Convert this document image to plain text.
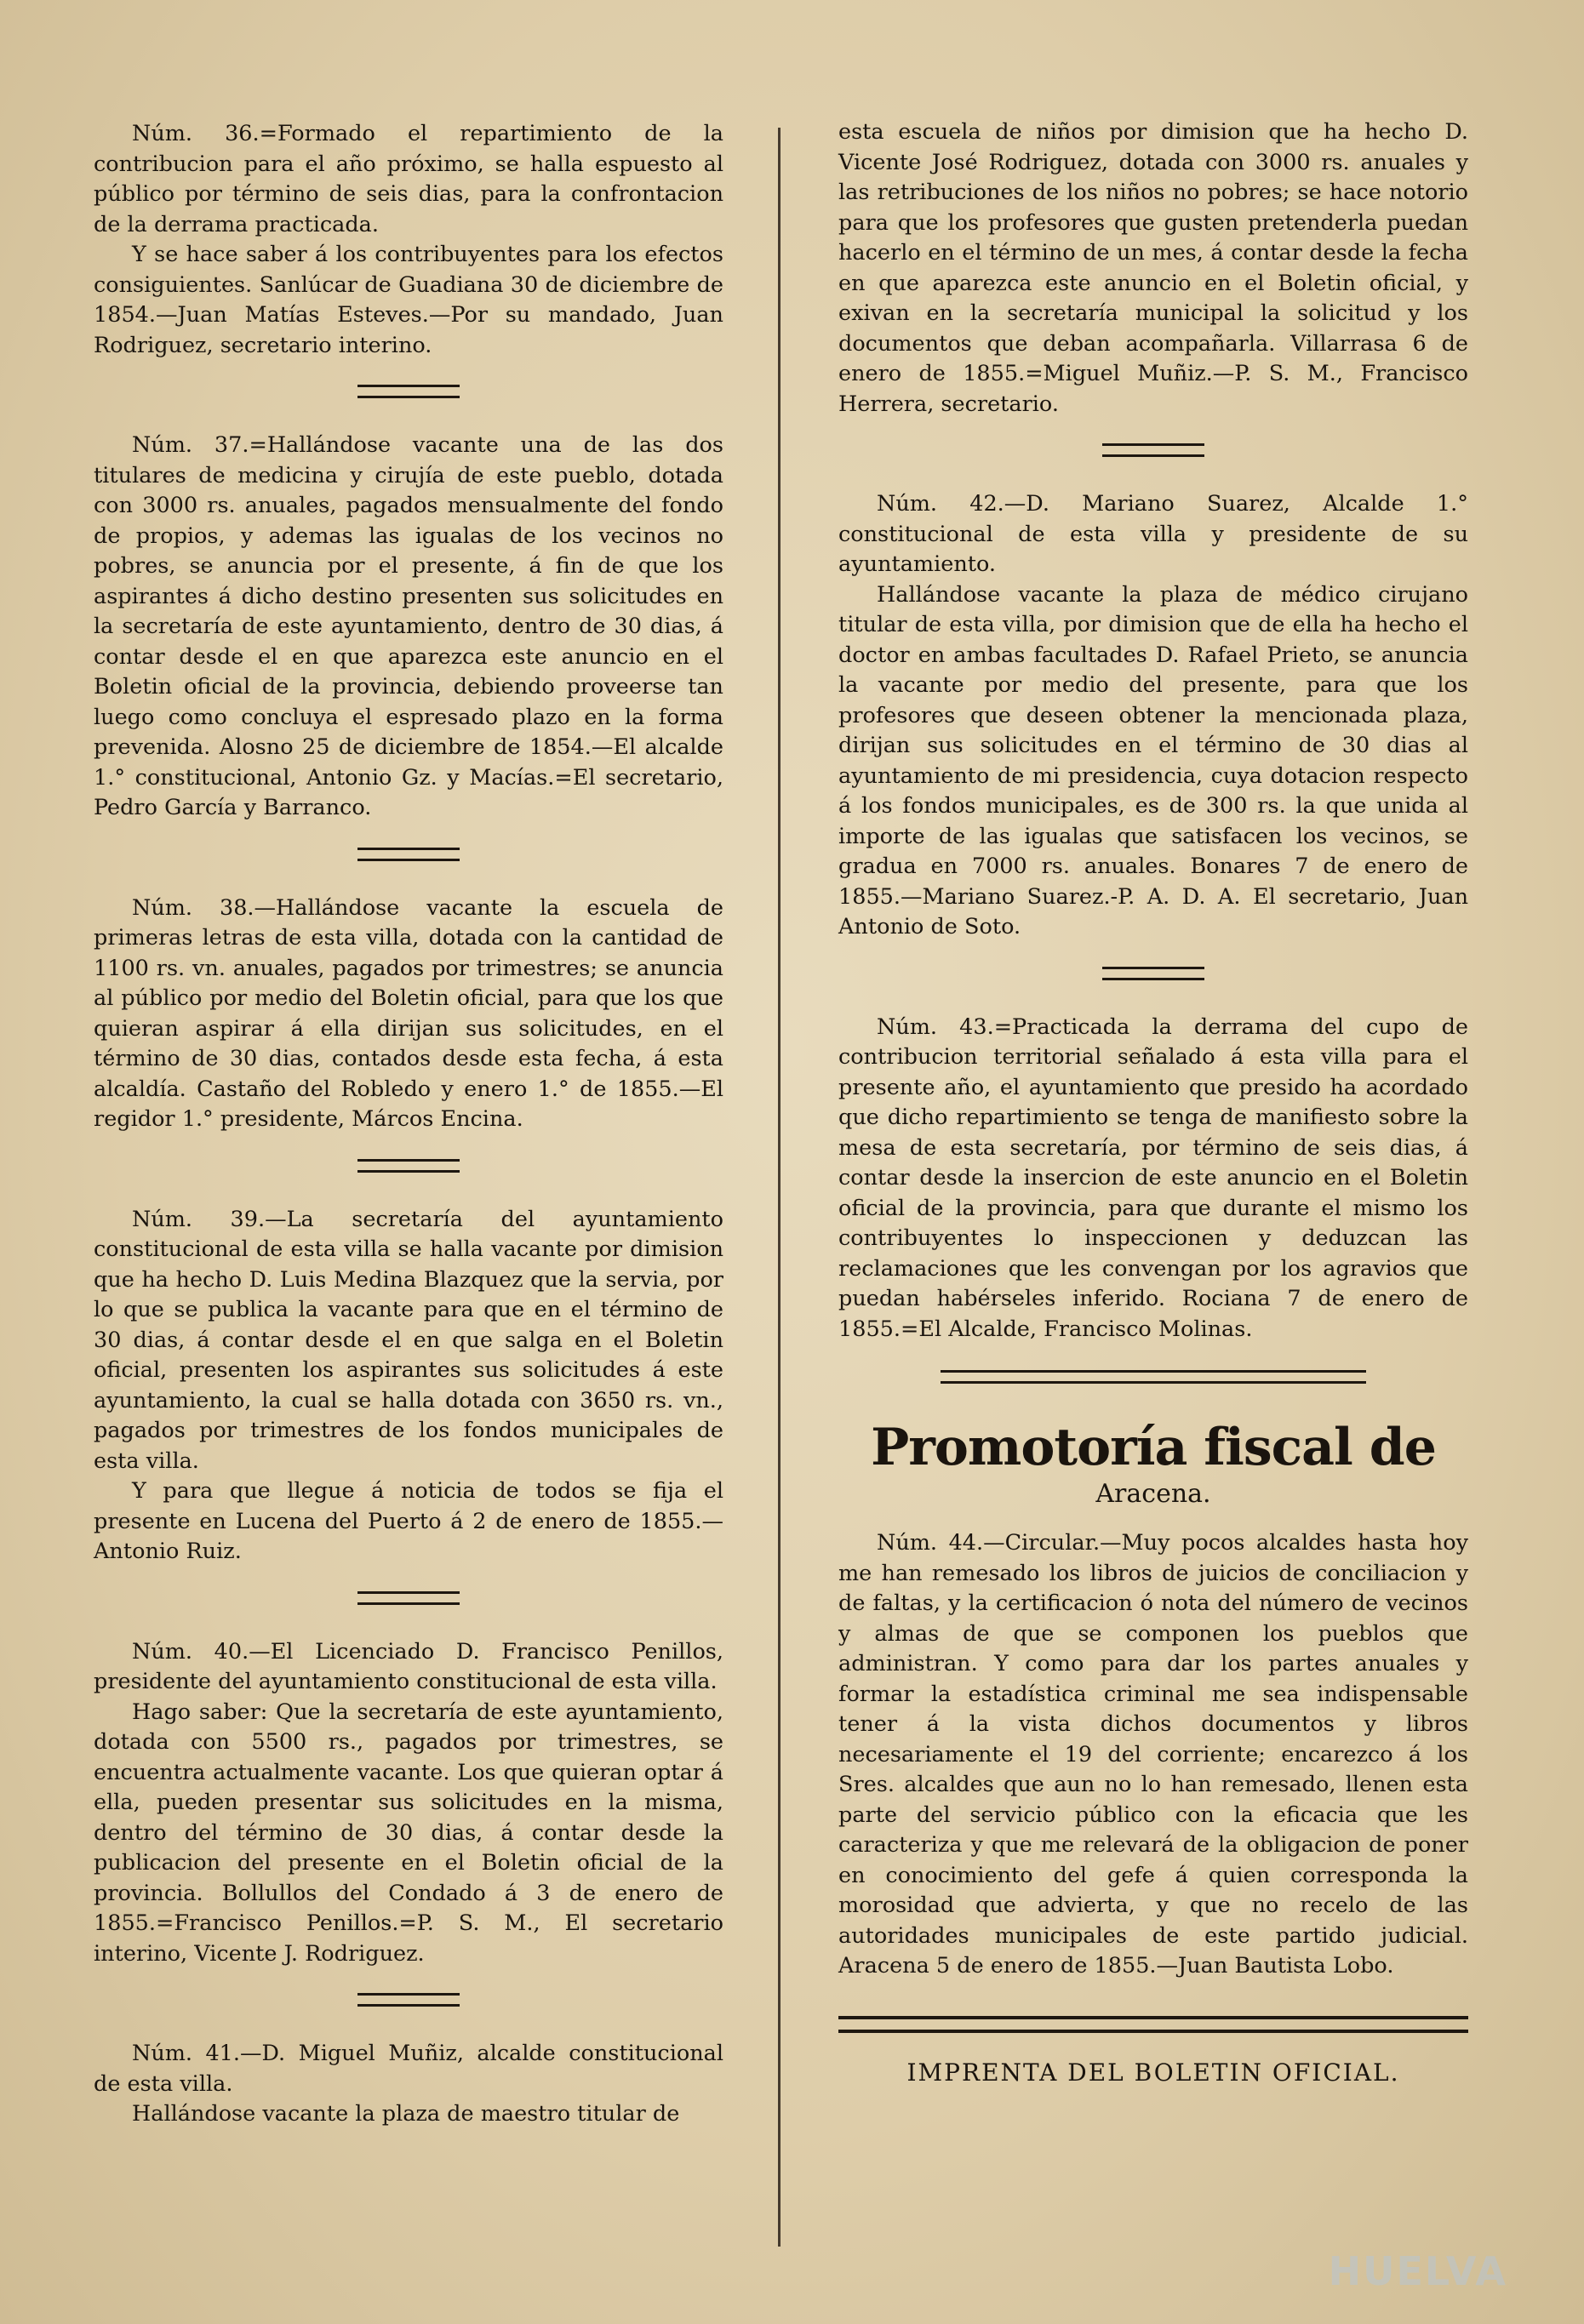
Núm. 36.=Formado el repartimiento de la contribucion para el año próximo, se halla espuesto al público por término de seis dias, para la confrontacion de la derrama practicada.

Y se hace saber á los contribuyentes para los efectos consiguientes. Sanlúcar de Guadiana 30 de diciembre de 1854.—Juan Matías Esteves.—Por su mandado, Juan Rodriguez, secretario interino.

Núm. 37.=Hallándose vacante una de las dos titulares de medicina y cirujía de este pueblo, dotada con 3000 rs. anuales, pagados mensualmente del fondo de propios, y ademas las igualas de los vecinos no pobres, se anuncia por el presente, á fin de que los aspirantes á dicho destino presenten sus solicitudes en la secretaría de este ayuntamiento, dentro de 30 dias, á contar desde el en que aparezca este anuncio en el Boletin oficial de la provincia, debiendo proveerse tan luego como concluya el espresado plazo en la forma prevenida. Alosno 25 de diciembre de 1854.—El alcalde 1.° constitucional, Antonio Gz. y Macías.=El secretario, Pedro García y Barranco.

Núm. 38.—Hallándose vacante la escuela de primeras letras de esta villa, dotada con la cantidad de 1100 rs. vn. anuales, pagados por trimestres; se anuncia al público por medio del Boletin oficial, para que los que quieran aspirar á ella dirijan sus solicitudes, en el término de 30 dias, contados desde esta fecha, á esta alcaldía. Castaño del Robledo y enero 1.° de 1855.—El regidor 1.° presidente, Márcos Encina.

Núm. 39.—La secretaría del ayuntamiento constitucional de esta villa se halla vacante por dimision que ha hecho D. Luis Medina Blazquez que la servia, por lo que se publica la vacante para que en el término de 30 dias, á contar desde el en que salga en el Boletin oficial, presenten los aspirantes sus solicitudes á este ayuntamiento, la cual se halla dotada con 3650 rs. vn., pagados por trimestres de los fondos municipales de esta villa.

Y para que llegue á noticia de todos se fija el presente en Lucena del Puerto á 2 de enero de 1855.—Antonio Ruiz.

Núm. 40.—El Licenciado D. Francisco Penillos, presidente del ayuntamiento constitucional de esta villa.

Hago saber: Que la secretaría de este ayuntamiento, dotada con 5500 rs., pagados por trimestres, se encuentra actualmente vacante. Los que quieran optar á ella, pueden presentar sus solicitudes en la misma, dentro del término de 30 dias, á contar desde la publicacion del presente en el Boletin oficial de la provincia. Bollullos del Condado á 3 de enero de 1855.=Francisco Penillos.=P. S. M., El secretario interino, Vicente J. Rodriguez.

Núm. 41.—D. Miguel Muñiz, alcalde constitucional de esta villa.

Hallándose vacante la plaza de maestro titular de

esta escuela de niños por dimision que ha hecho D. Vicente José Rodriguez, dotada con 3000 rs. anuales y las retribuciones de los niños no pobres; se hace notorio para que los profesores que gusten pretenderla puedan hacerlo en el término de un mes, á contar desde la fecha en que aparezca este anuncio en el Boletin oficial, y exivan en la secretaría municipal la solicitud y los documentos que deban acompañarla. Villarrasa 6 de enero de 1855.=Miguel Muñiz.—P. S. M., Francisco Herrera, secretario.

Núm. 42.—D. Mariano Suarez, Alcalde 1.° constitucional de esta villa y presidente de su ayuntamiento.

Hallándose vacante la plaza de médico cirujano titular de esta villa, por dimision que de ella ha hecho el doctor en ambas facultades D. Rafael Prieto, se anuncia la vacante por medio del presente, para que los profesores que deseen obtener la mencionada plaza, dirijan sus solicitudes en el término de 30 dias al ayuntamiento de mi presidencia, cuya dotacion respecto á los fondos municipales, es de 300 rs. la que unida al importe de las igualas que satisfacen los vecinos, se gradua en 7000 rs. anuales. Bonares 7 de enero de 1855.—Mariano Suarez.-P. A. D. A. El secretario, Juan Antonio de Soto.

Núm. 43.=Practicada la derrama del cupo de contribucion territorial señalado á esta villa para el presente año, el ayuntamiento que presido ha acordado que dicho repartimiento se tenga de manifiesto sobre la mesa de esta secretaría, por término de seis dias, á contar desde la insercion de este anuncio en el Boletin oficial de la provincia, para que durante el mismo los contribuyentes lo inspeccionen y deduzcan las reclamaciones que les convengan por los agravios que puedan habérseles inferido. Rociana 7 de enero de 1855.=El Alcalde, Francisco Molinas.

Promotoría fiscal de
Aracena.

Núm. 44.—Circular.—Muy pocos alcaldes hasta hoy me han remesado los libros de juicios de conciliacion y de faltas, y la certificacion ó nota del número de vecinos y almas de que se componen los pueblos que administran. Y como para dar los partes anuales y formar la estadística criminal me sea indispensable tener á la vista dichos documentos y libros necesariamente el 19 del corriente; encarezco á los Sres. alcaldes que aun no lo han remesado, llenen esta parte del servicio público con la eficacia que les caracteriza y que me relevará de la obligacion de poner en conocimiento del gefe á quien corresponda la morosidad que advierta, y que no recelo de las autoridades municipales de este partido judicial. Aracena 5 de enero de 1855.—Juan Bautista Lobo.

IMPRENTA DEL BOLETIN OFICIAL.
HUELVA
